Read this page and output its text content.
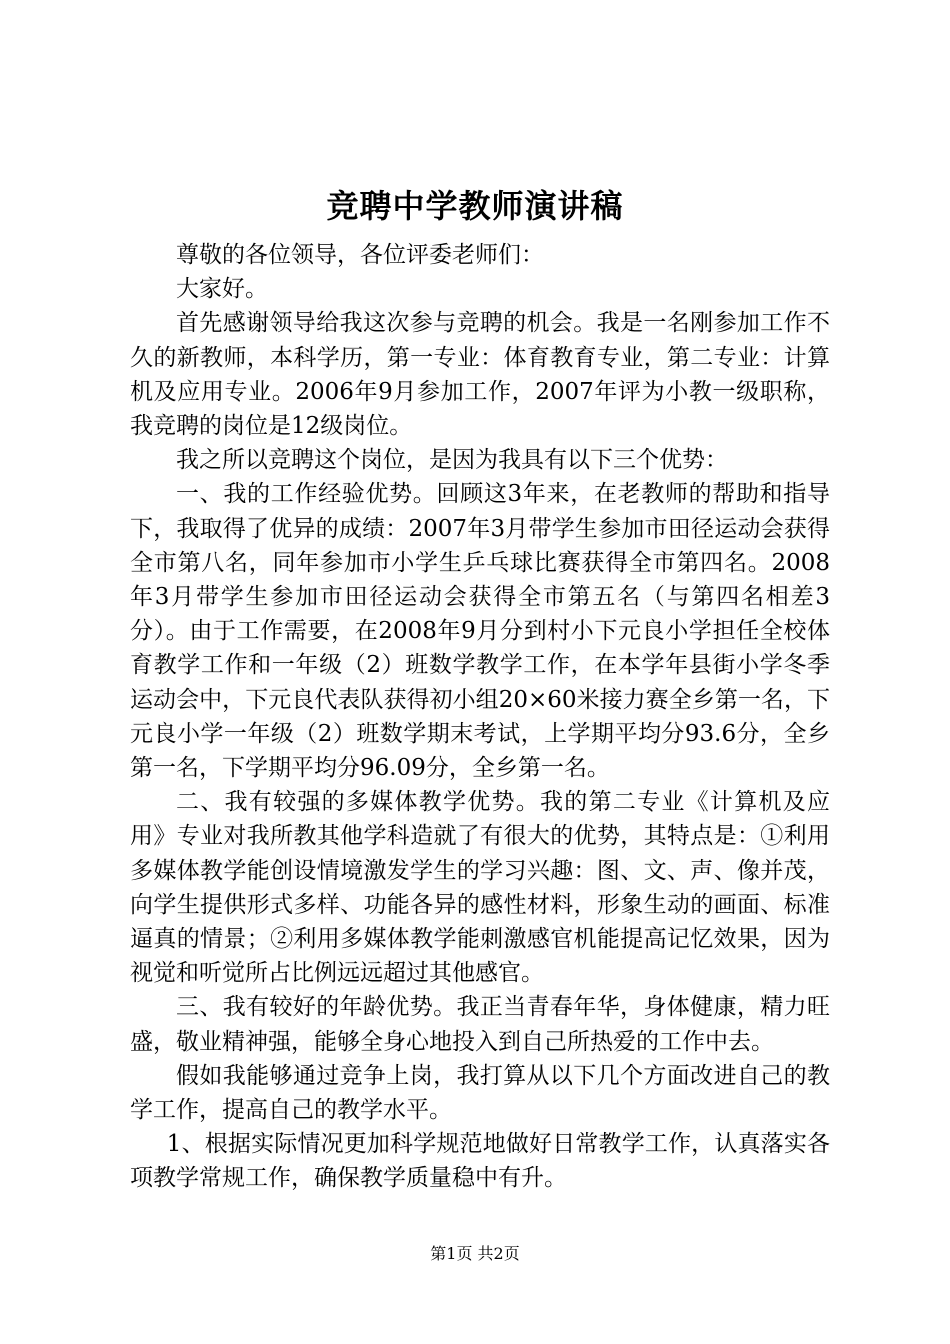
竞聘中学教师演讲稿

尊敬的各位领导，各位评委老师们：

大家好。

首先感谢领导给我这次参与竞聘的机会。我是一名刚参加工作不久的新教师，本科学历，第一专业：体育教育专业，第二专业：计算机及应用专业。2006年9月参加工作，2007年评为小教一级职称，我竞聘的岗位是12级岗位。

我之所以竞聘这个岗位，是因为我具有以下三个优势：

一、我的工作经验优势。回顾这3年来，在老教师的帮助和指导下，我取得了优异的成绩：2007年3月带学生参加市田径运动会获得全市第八名，同年参加市小学生乒乓球比赛获得全市第四名。2008年3月带学生参加市田径运动会获得全市第五名（与第四名相差3分）。由于工作需要，在2008年9月分到村小下元良小学担任全校体育教学工作和一年级（2）班数学教学工作，在本学年县街小学冬季运动会中，下元良代表队获得初小组20×60米接力赛全乡第一名，下元良小学一年级（2）班数学期末考试，上学期平均分93.6分，全乡第一名，下学期平均分96.09分，全乡第一名。

二、我有较强的多媒体教学优势。我的第二专业《计算机及应用》专业对我所教其他学科造就了有很大的优势，其特点是：①利用多媒体教学能创设情境激发学生的学习兴趣：图、文、声、像并茂，向学生提供形式多样、功能各异的感性材料，形象生动的画面、标准逼真的情景；②利用多媒体教学能刺激感官机能提高记忆效果，因为视觉和听觉所占比例远远超过其他感官。

三、我有较好的年龄优势。我正当青春年华，身体健康，精力旺盛，敬业精神强，能够全身心地投入到自己所热爱的工作中去。

假如我能够通过竞争上岗，我打算从以下几个方面改进自己的教学工作，提高自己的教学水平。

1、根据实际情况更加科学规范地做好日常教学工作，认真落实各项教学常规工作，确保教学质量稳中有升。

第1页 共2页
